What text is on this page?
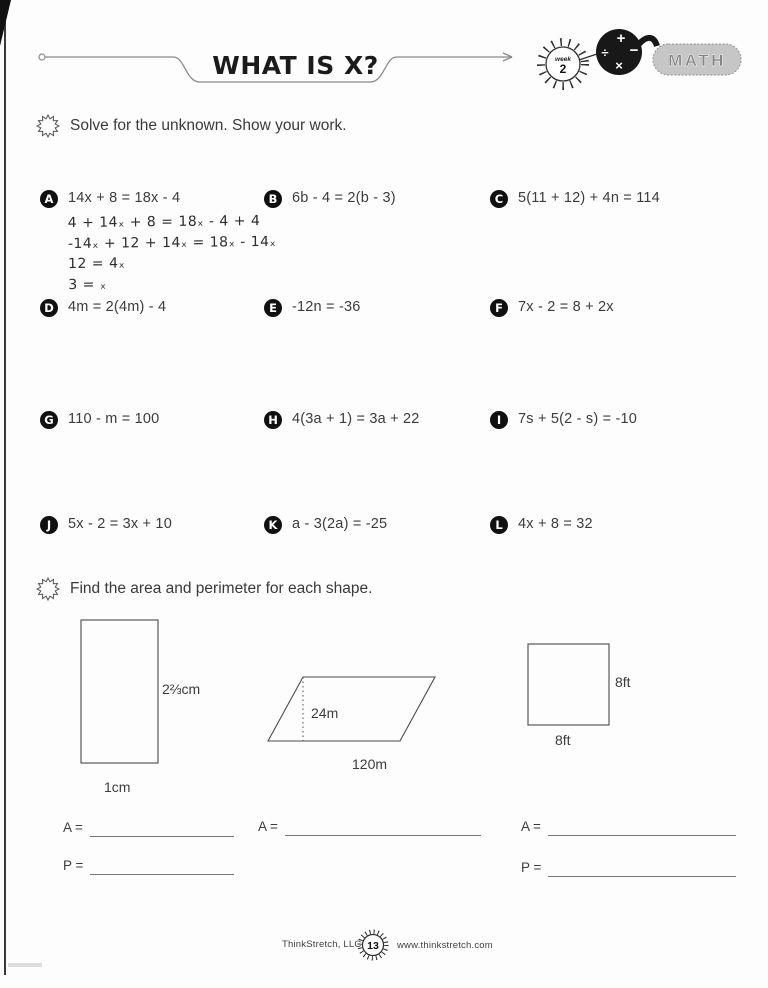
WHAT IS X?	week
2
+
÷ −
×	MATH
Solve for the unknown. Show your work.
A	14x + 8 = 18x - 4
4 + 14ₓ + 8 = 18ₓ - 4 + 4
-14ₓ + 12 + 14ₓ = 18ₓ - 14ₓ
12 = 4ₓ
3 = ₓ
B	6b - 4 = 2(b - 3)	C	5(11 + 12) + 4n = 114
D 4m = 2(4m) - 4	E	-12n = -36	F	7x - 2 = 8 + 2x
G 110 - m = 100	H 4(3a + 1) = 3a + 22	I	7s + 5(2 - s) = -10
J	5x - 2 = 3x + 10	K	a - 3(2a) = -25	L	4x + 8 = 32
Find the area and perimeter for each shape.
2⅔cm
1cm
24m
120m
8ft
8ft
A =
P =
A =	A =
P =
ThinkStretch, LLC 13 www.thinkstretch.com
